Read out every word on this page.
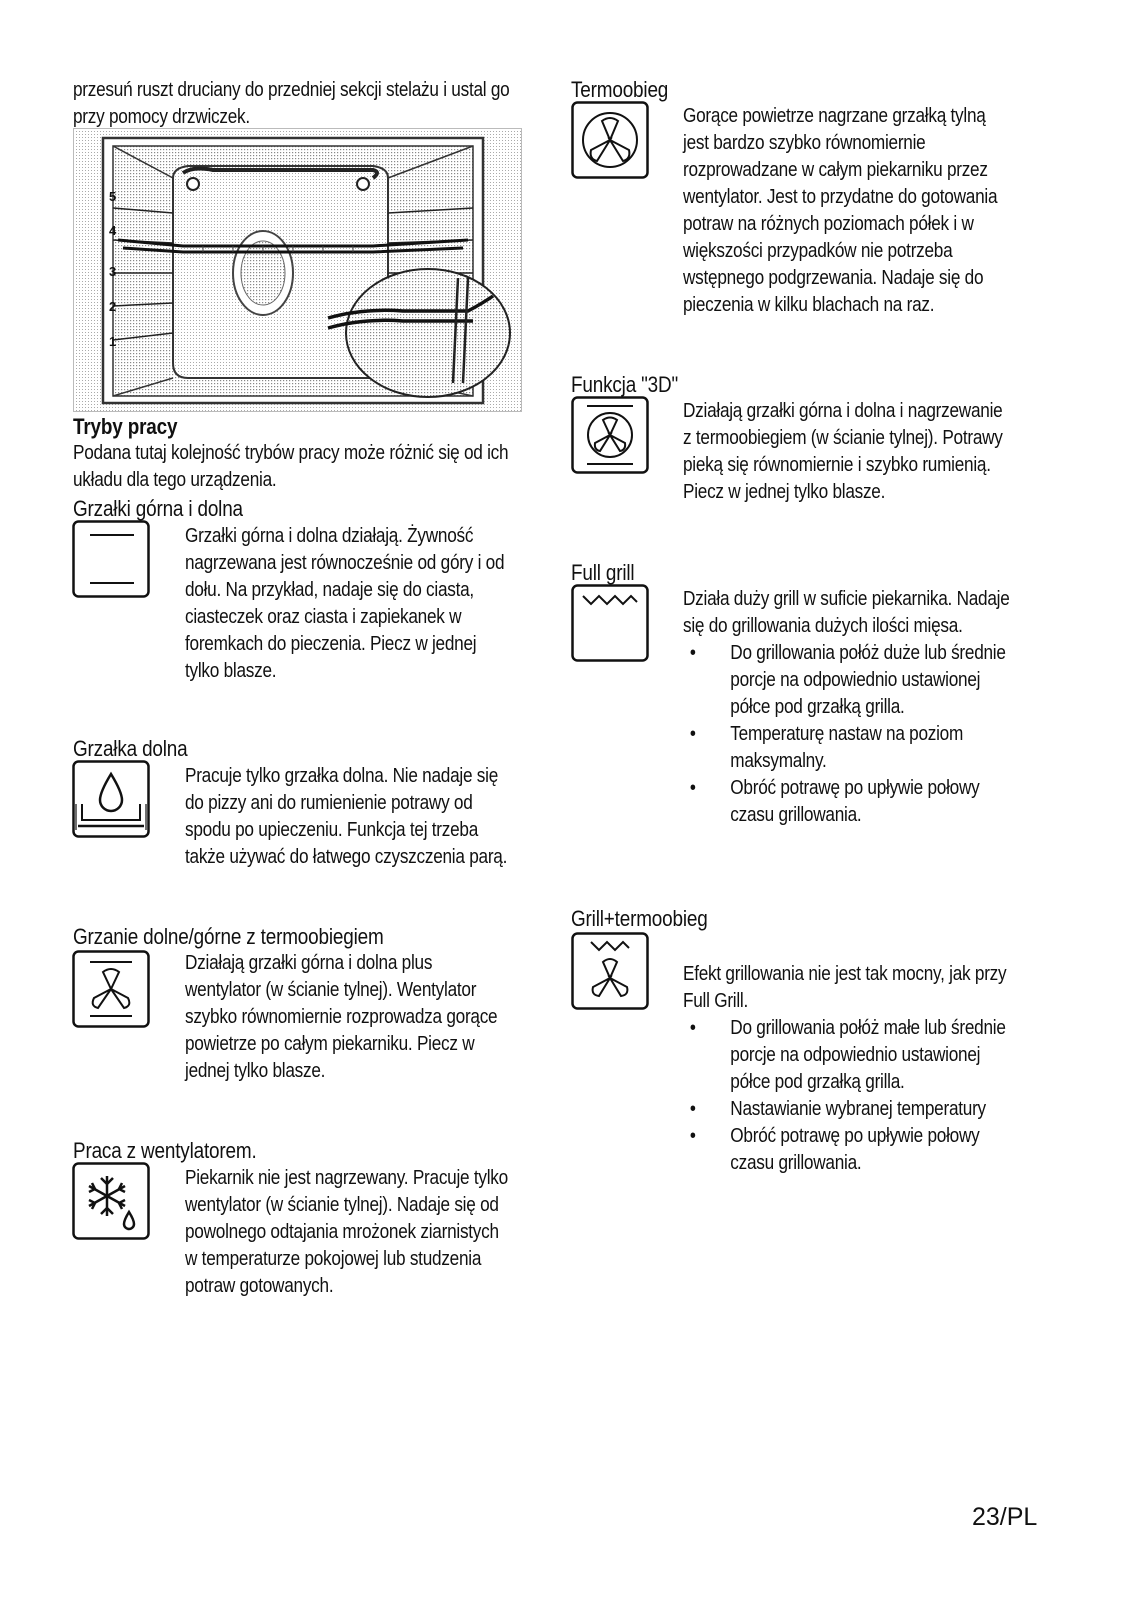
przesuń ruszt druciany do przedniej sekcji stelażu i ustal go przy pomocy drzwiczek.
5
4
3
2
1
Tryby pracy
Podana tutaj kolejność trybów pracy może różnić się od ich układu dla tego urządzenia.
Grzałki górna i dolna
Grzałki górna i dolna działają. Żywność nagrzewana jest równocześnie od góry i od dołu. Na przykład, nadaje się do ciasta, ciasteczek oraz ciasta i zapiekanek w foremkach do pieczenia. Piecz w jednej tylko blasze.
Grzałka dolna
Pracuje tylko grzałka dolna. Nie nadaje się do pizzy ani do rumienienie potrawy od spodu po upieczeniu. Funkcja tej trzeba także używać do łatwego czyszczenia parą.
Grzanie dolne/górne z termoobiegiem
Działają grzałki górna i dolna plus wentylator (w ścianie tylnej). Wentylator szybko równomiernie rozprowadza gorące powietrze po całym piekarniku. Piecz w jednej tylko blasze.
Praca z wentylatorem.
Piekarnik nie jest nagrzewany. Pracuje tylko wentylator (w ścianie tylnej). Nadaje się od powolnego odtajania mrożonek ziarnistych w temperaturze pokojowej lub studzenia potraw gotowanych.
Termoobieg
Gorące powietrze nagrzane grzałką tylną jest bardzo szybko równomiernie rozprowadzane w całym piekarniku przez wentylator. Jest to przydatne do gotowania potraw na różnych poziomach półek i w większości przypadków nie potrzeba wstępnego podgrzewania. Nadaje się do pieczenia w kilku blachach na raz.
Funkcja "3D"
Działają grzałki górna i dolna i nagrzewanie z termoobiegiem (w ścianie tylnej). Potrawy pieką się równomiernie i szybko rumienią. Piecz w jednej tylko blasze.
Full grill
Działa duży grill w suficie piekarnika. Nadaje się do grillowania dużych ilości mięsa.
• Do grillowania połóż duże lub średnie porcje na odpowiednio ustawionej półce pod grzałką grilla.
• Temperaturę nastaw na poziom maksymalny.
• Obróć potrawę po upływie połowy czasu grillowania.
Grill+termoobieg
Efekt grillowania nie jest tak mocny, jak przy Full Grill.
• Do grillowania połóż małe lub średnie porcje na odpowiednio ustawionej półce pod grzałką grilla.
• Nastawianie wybranej temperatury
• Obróć potrawę po upływie połowy czasu grillowania.
23/PL
